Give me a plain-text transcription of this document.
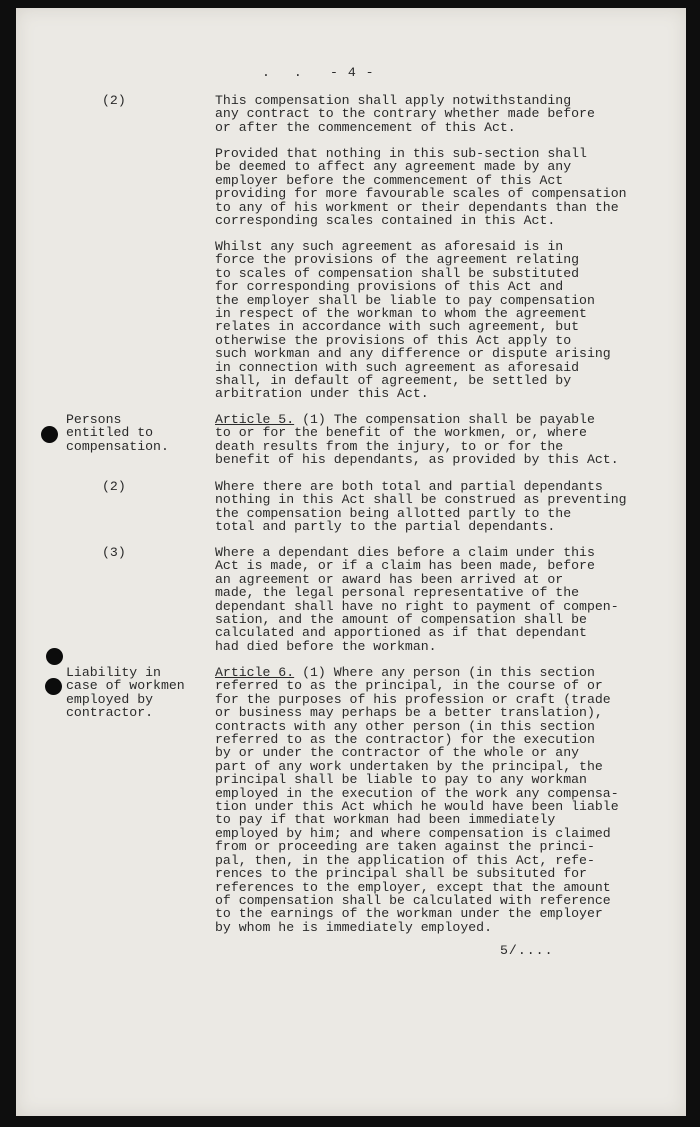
. . - 4 -
(2)	This compensation shall apply notwithstanding
any contract to the contrary whether made before
or after the commencement of this Act.
Provided that nothing in this sub-section shall
be deemed to affect any agreement made by any
employer before the commencement of this Act
providing for more favourable scales of compensation
to any of his workment or their dependants than the
corresponding scales contained in this Act.
Whilst any such agreement as aforesaid is in
force the provisions of the agreement relating
to scales of compensation shall be substituted
for corresponding provisions of this Act and
the employer shall be liable to pay compensation
in respect of the workman to whom the agreement
relates in accordance with such agreement, but
otherwise the provisions of this Act apply to
such workman and any difference or dispute arising
in connection with such agreement as aforesaid
shall, in default of agreement, be settled by
arbitration under this Act.
Persons
entitled to
compensation.
Article 5. (1) The compensation shall be payable
to or for the benefit of the workmen, or, where
death results from the injury, to or for the
benefit of his dependants, as provided by this Act.
(2)	Where there are both total and partial dependants
nothing in this Act shall be construed as preventing
the compensation being allotted partly to the
total and partly to the partial dependants.
(3)	Where a dependant dies before a claim under this
Act is made, or if a claim has been made, before
an agreement or award has been arrived at or
made, the legal personal representative of the
dependant shall have no right to payment of compen-
sation, and the amount of compensation shall be
calculated and apportioned as if that dependant
had died before the workman.
Liability in
case of workmen
employed by
contractor.
Article 6. (1) Where any person (in this section
referred to as the principal, in the course of or
for the purposes of his profession or craft (trade
or business may perhaps be a better translation),
contracts with any other person (in this section
referred to as the contractor) for the execution
by or under the contractor of the whole or any
part of any work undertaken by the principal, the
principal shall be liable to pay to any workman
employed in the execution of the work any compensa-
tion under this Act which he would have been liable
to pay if that workman had been immediately
employed by him; and where compensation is claimed
from or proceeding are taken against the princi-
pal, then, in the application of this Act, refe-
rences to the principal shall be subsituted for
references to the employer, except that the amount
of compensation shall be calculated with reference
to the earnings of the workman under the employer
by whom he is immediately employed.
5/....
